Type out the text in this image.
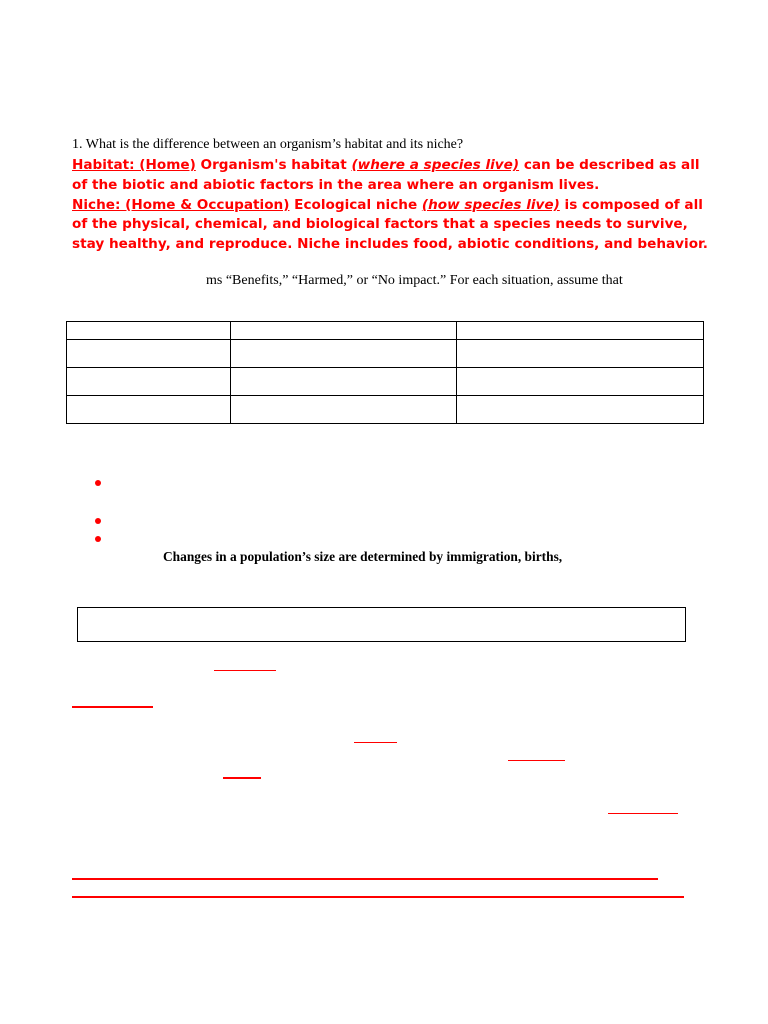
1. What is the difference between an organism’s habitat and its niche?
Habitat: (Home) Organism's habitat (where a species live) can be described as all of the biotic and abiotic factors in the area where an organism lives.
Niche: (Home & Occupation) Ecological niche (how species live) is composed of all of the physical, chemical, and biological factors that a species needs to survive, stay healthy, and reproduce. Niche includes food, abiotic conditions, and behavior.
ms “Benefits,” “Harmed,” or “No impact.” For each situation, assume that

Changes in a population’s size are determined by immigration, births,
